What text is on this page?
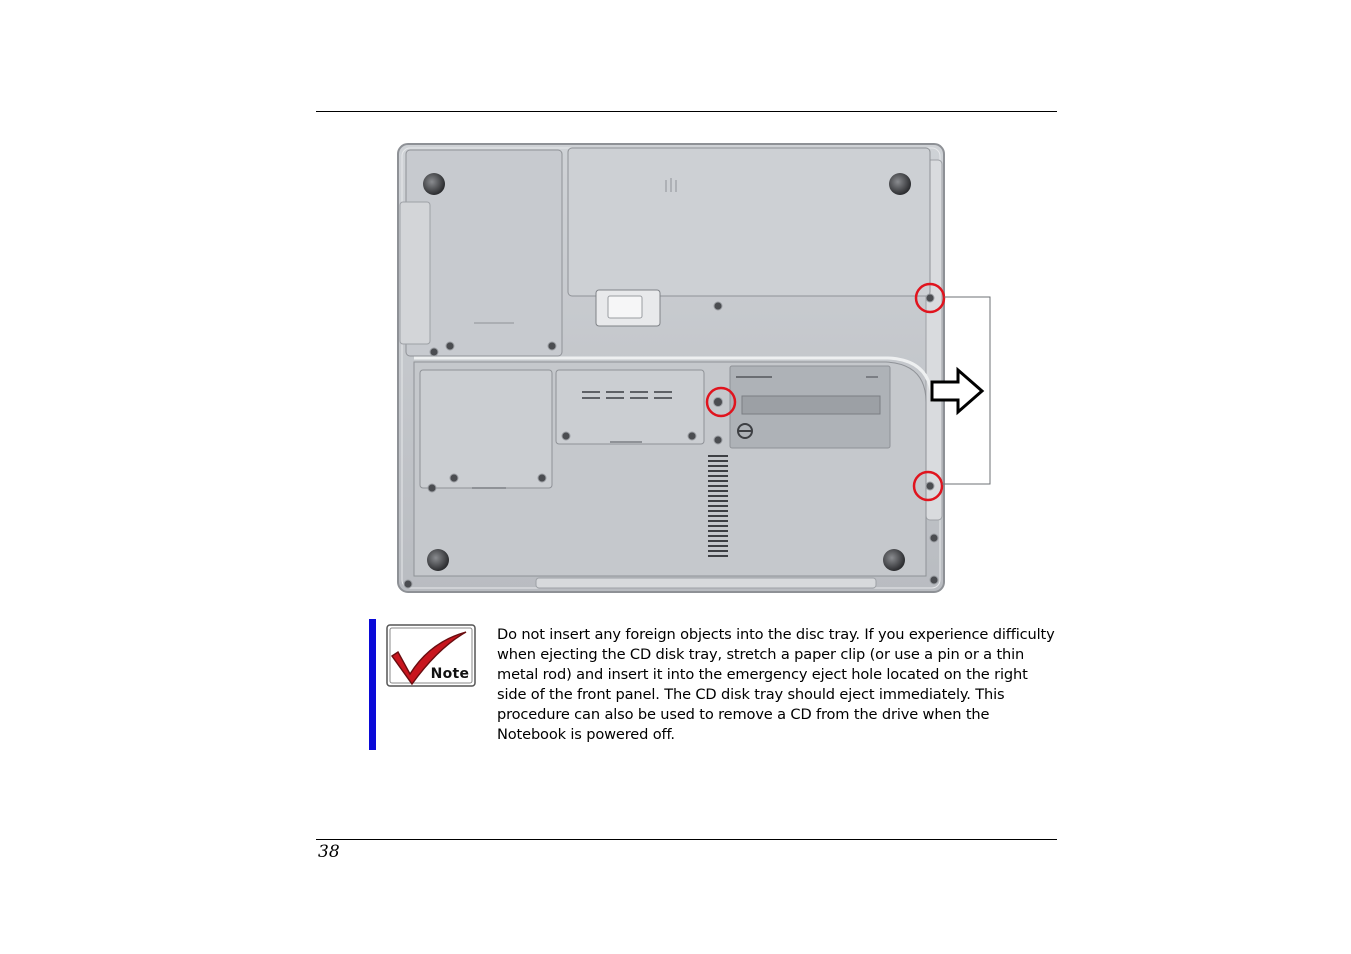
Note

Do not insert any foreign objects into the disc tray. If you experience difficulty when ejecting the CD disk tray, stretch a paper clip (or use a pin or a thin metal rod) and insert it into the emergency eject hole located on the right side of the front panel. The CD disk tray should eject immediately. This procedure can also be used to remove a CD from the drive when the Notebook is powered off.

38
